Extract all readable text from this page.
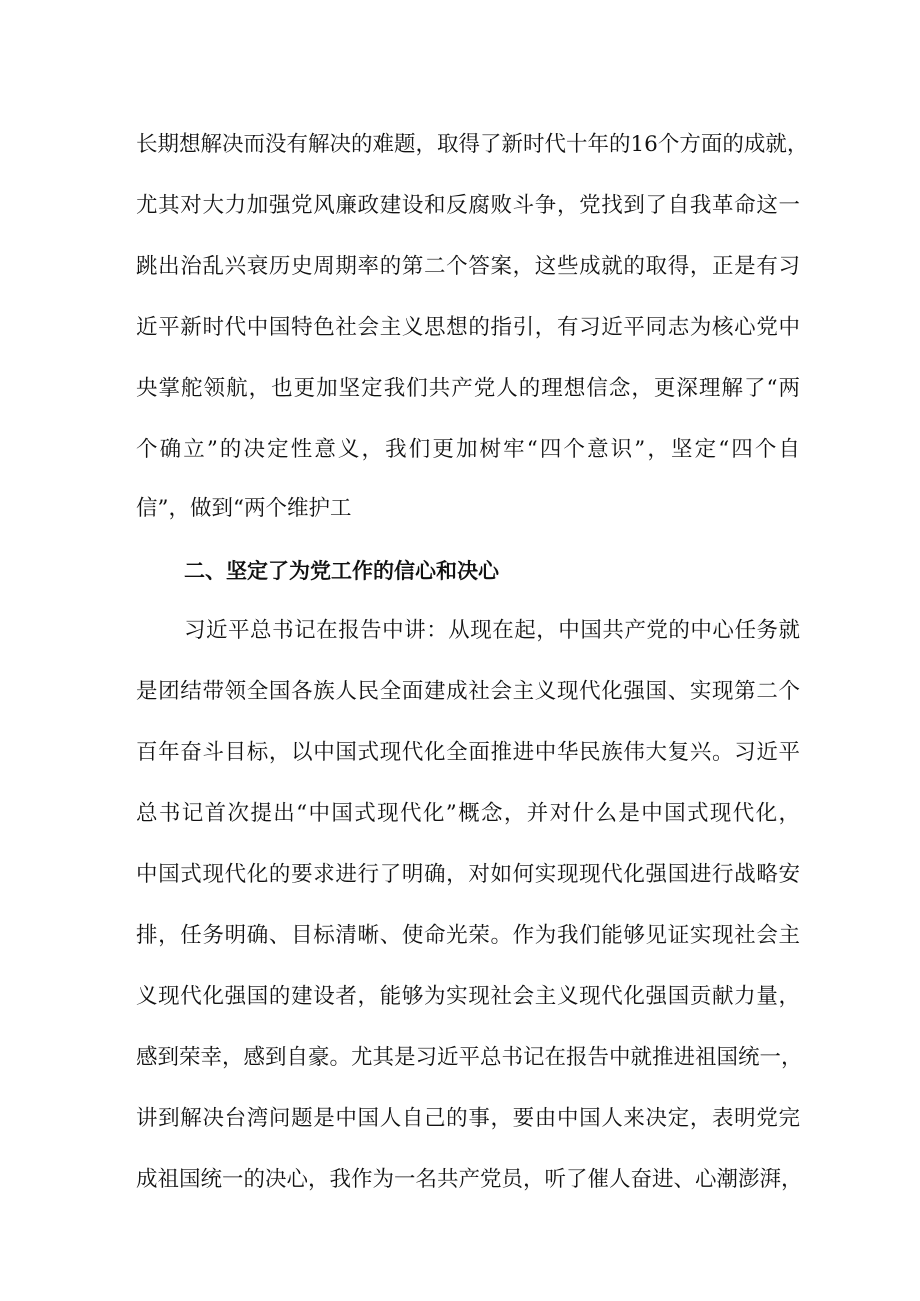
长期想解决而没有解决的难题，取得了新时代十年的16个方面的成就，
尤其对大力加强党风廉政建设和反腐败斗争，党找到了自我革命这一
跳出治乱兴衰历史周期率的第二个答案，这些成就的取得，正是有习
近平新时代中国特色社会主义思想的指引，有习近平同志为核心党中
央掌舵领航，也更加坚定我们共产党人的理想信念，更深理解了“两
个确立”的决定性意义，我们更加树牢“四个意识”，坚定“四个自
信”，做到“两个维护工
二、坚定了为党工作的信心和决心
习近平总书记在报告中讲：从现在起，中国共产党的中心任务就
是团结带领全国各族人民全面建成社会主义现代化强国、实现第二个
百年奋斗目标，以中国式现代化全面推进中华民族伟大复兴。习近平
总书记首次提出“中国式现代化”概念，并对什么是中国式现代化，
中国式现代化的要求进行了明确，对如何实现现代化强国进行战略安
排，任务明确、目标清晰、使命光荣。作为我们能够见证实现社会主
义现代化强国的建设者，能够为实现社会主义现代化强国贡献力量，
感到荣幸，感到自豪。尤其是习近平总书记在报告中就推进祖国统一，
讲到解决台湾问题是中国人自己的事，要由中国人来决定，表明党完
成祖国统一的决心，我作为一名共产党员，听了催人奋进、心潮澎湃，
